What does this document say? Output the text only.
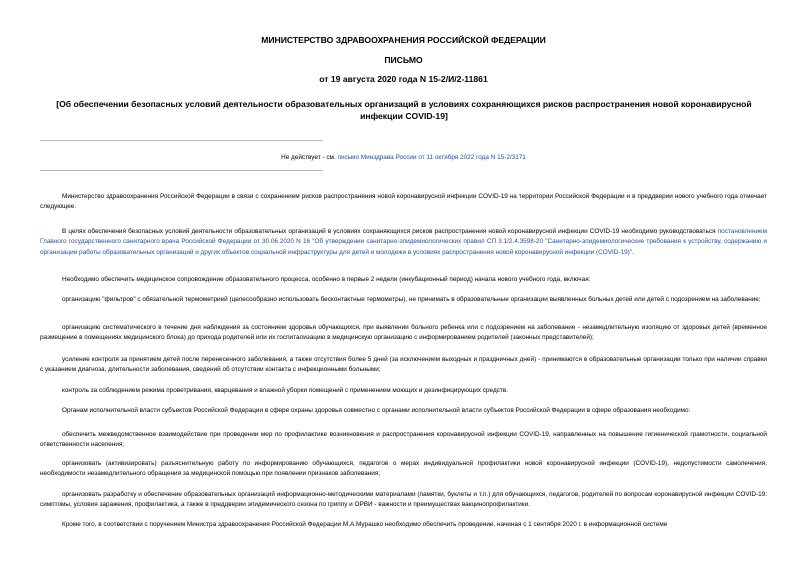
МИНИСТЕРСТВО ЗДРАВООХРАНЕНИЯ РОССИЙСКОЙ ФЕДЕРАЦИИ
ПИСЬМО
от 19 августа 2020 года N 15-2/И/2-11861
[Об обеспечении безопасных условий деятельности образовательных организаций в условиях сохраняющихся рисков распространения новой коронавирусной инфекции COVID-19]
Не действует - см. письмо Минздрава России от 11 октября 2022 года N 15-2/3171
Министерство здравоохранения Российской Федерации в связи с сохранением рисков распространения новой коронавирусной инфекции COVID-19 на территории Российской Федерации и в преддверии нового учебного года отмечает следующее.
В целях обеспечения безопасных условий деятельности образовательных организаций в условиях сохраняющихся рисков распространения новой коронавирусной инфекции COVID-19 необходимо руководствоваться постановлением Главного государственного санитарного врача Российской Федерации от 30.06.2020 N 16 "Об утверждении санитарно-эпидемиологических правил СП 3.1/2.4.3598-20 "Санитарно-эпидемиологические требования к устройству, содержанию и организации работы образовательных организаций и других объектов социальной инфраструктуры для детей и молодежи в условиях распространения новой коронавирусной инфекции (COVID-19)".
Необходимо обеспечить медицинское сопровождение образовательного процесса, особенно в первые 2 недели (инкубационный период) начала нового учебного года, включая:
организацию "фильтров" с обязательной термометрией (целесообразно использовать бесконтактные термометры), не принимать в образовательные организации выявленных больных детей или детей с подозрением на заболевание;
организацию систематического в течение дня наблюдения за состоянием здоровья обучающихся, при выявлении больного ребенка или с подозрением на заболевание - незамедлительную изоляцию от здоровых детей (временное размещение в помещениях медицинского блока) до прихода родителей или их госпитализацию в медицинскую организацию с информированием родителей (законных представителей);
усиление контроля за принятием детей после перенесенного заболевания, а также отсутствия более 5 дней (за исключением выходных и праздничных дней) - принимаются в образовательные организации только при наличии справки с указанием диагноза, длительности заболевания, сведений об отсутствии контакта с инфекционными больными;
контроль за соблюдением режима проветривания, кварцевания и влажной уборки помещений с применением моющих и дезинфицирующих средств.
Органам исполнительной власти субъектов Российской Федерации в сфере охраны здоровья совместно с органами исполнительной власти субъектов Российской Федерации в сфере образования необходимо:
обеспечить межведомственное взаимодействие при проведении мер по профилактике возникновения и распространения коронавирусной инфекции COVID-19, направленных на повышение гигиенической грамотности, социальной ответственности населения;
организовать (активизировать) разъяснительную работу по информированию обучающихся, педагогов о мерах индивидуальной профилактики новой коронавирусной инфекции (COVID-19), недопустимости самолечения, необходимости незамедлительного обращения за медицинской помощью при появлении признаков заболевания;
организовать разработку и обеспечение образовательных организаций информационно-методическими материалами (памятки, буклеты и т.п.) для обучающихся, педагогов, родителей по вопросам коронавирусной инфекции COVID-19: симптомы, условия заражения, профилактика, а также в преддверии эпидемического сезона по гриппу и ОРВИ - важности и преимуществах вакцинопрофилактики.
Кроме того, в соответствии с поручением Министра здравоохранения Российской Федерации М.А.Мурашко необходимо обеспечить проведение, начиная с 1 сентября 2020 г. в информационной системе
